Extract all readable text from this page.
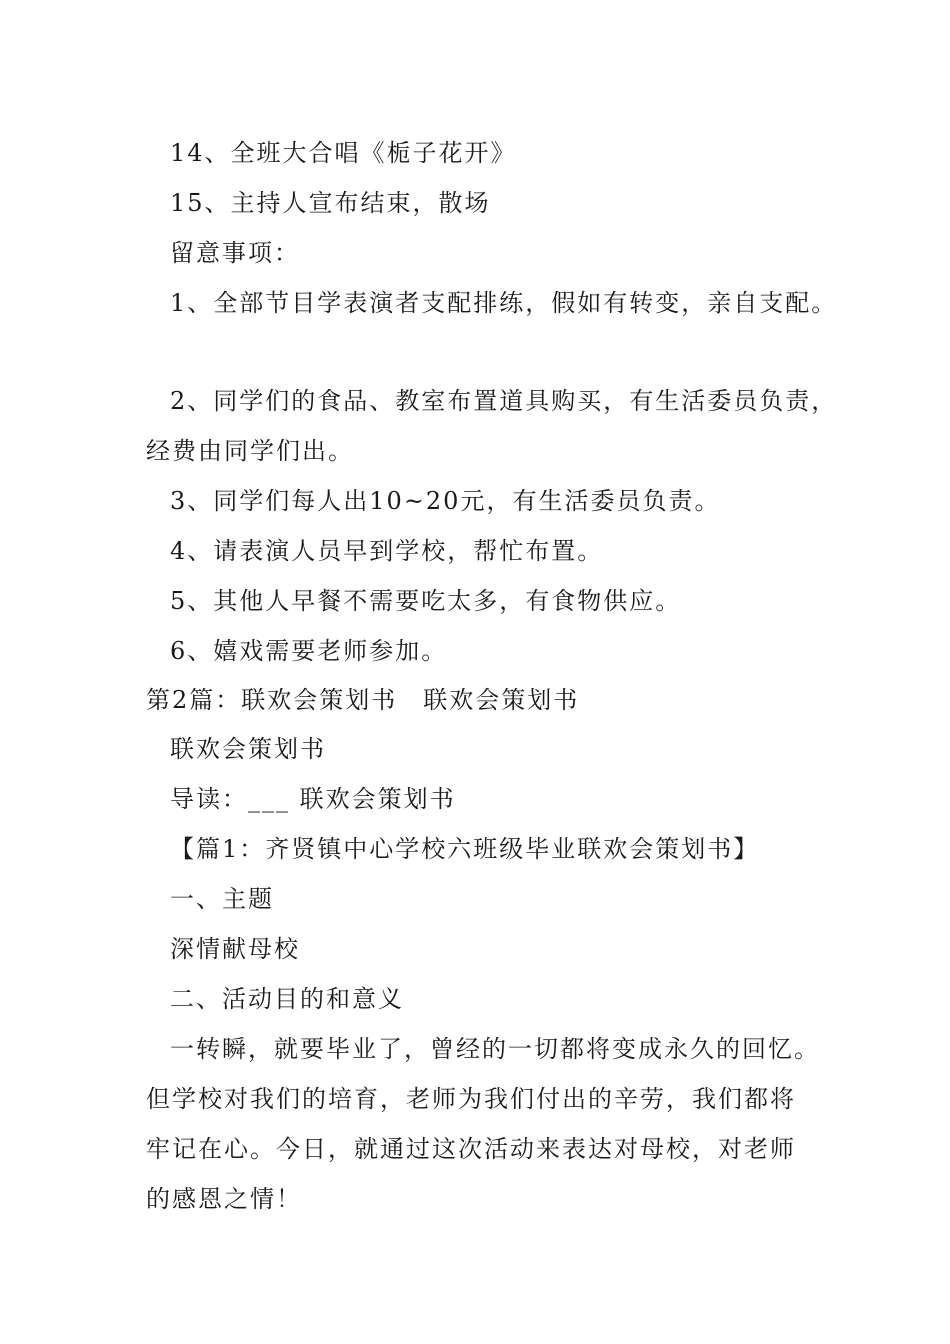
14、全班大合唱《栀子花开》
15、主持人宣布结束，散场
留意事项：
1、全部节目学表演者支配排练，假如有转变，亲自支配。
2、同学们的食品、教室布置道具购买，有生活委员负责，
经费由同学们出。
3、同学们每人出10~20元，有生活委员负责。
4、请表演人员早到学校，帮忙布置。
5、其他人早餐不需要吃太多，有食物供应。
6、嬉戏需要老师参加。
第2篇：联欢会策划书　联欢会策划书
联欢会策划书
导读：___ 联欢会策划书
【篇1：齐贤镇中心学校六班级毕业联欢会策划书】
一、主题
深情献母校
二、活动目的和意义
一转瞬，就要毕业了，曾经的一切都将变成永久的回忆。
但学校对我们的培育，老师为我们付出的辛劳，我们都将
牢记在心。今日，就通过这次活动来表达对母校，对老师
的感恩之情！
